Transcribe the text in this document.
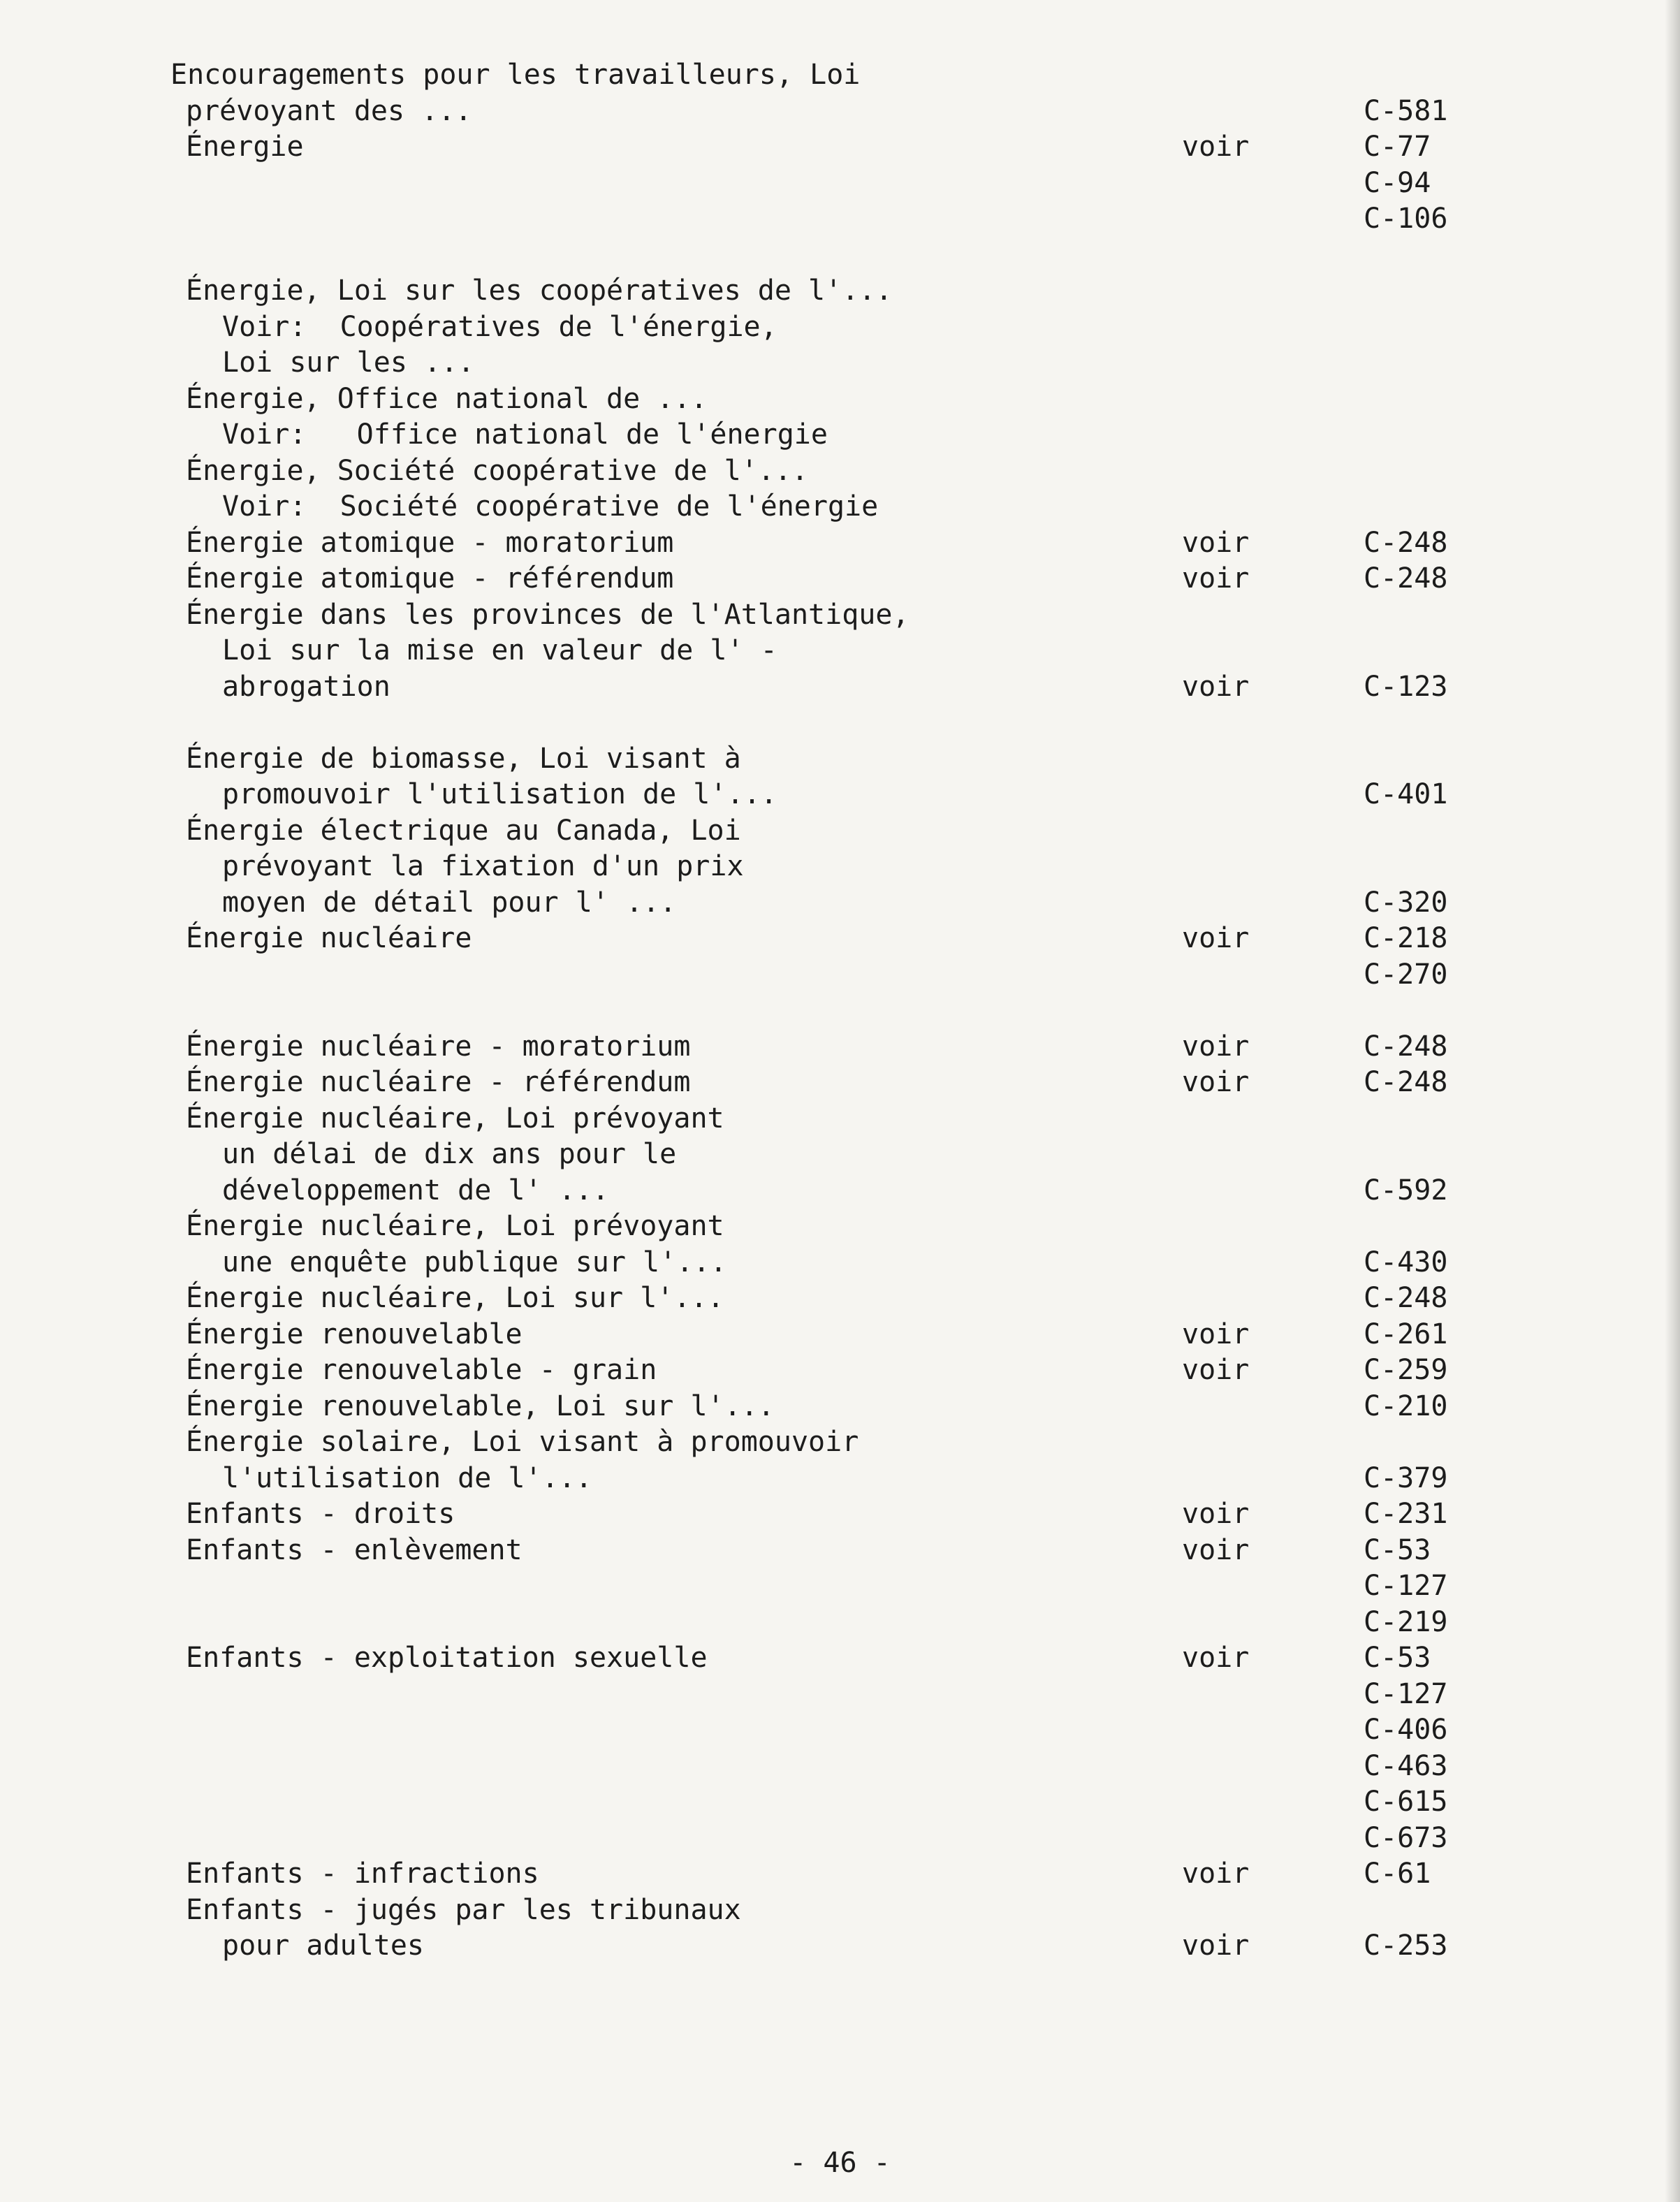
Encouragements pour les travailleurs, Loi
prévoyant des ...	C-581
Énergie	voir	C-77
C-94
C-106
Énergie, Loi sur les coopératives de l'...
Voir:  Coopératives de l'énergie,
Loi sur les ...
Énergie, Office national de ...
Voir:   Office national de l'énergie
Énergie, Société coopérative de l'...
Voir:  Société coopérative de l'énergie
Énergie atomique - moratorium	voir	C-248
Énergie atomique - référendum	voir	C-248
Énergie dans les provinces de l'Atlantique,
Loi sur la mise en valeur de l' -
abrogation	voir	C-123
Énergie de biomasse, Loi visant à
promouvoir l'utilisation de l'...	C-401
Énergie électrique au Canada, Loi
prévoyant la fixation d'un prix
moyen de détail pour l' ...	C-320
Énergie nucléaire	voir	C-218
C-270
Énergie nucléaire - moratorium	voir	C-248
Énergie nucléaire - référendum	voir	C-248
Énergie nucléaire, Loi prévoyant
un délai de dix ans pour le
développement de l' ...	C-592
Énergie nucléaire, Loi prévoyant
une enquête publique sur l'...	C-430
Énergie nucléaire, Loi sur l'...	C-248
Énergie renouvelable	voir	C-261
Énergie renouvelable - grain	voir	C-259
Énergie renouvelable, Loi sur l'...	C-210
Énergie solaire, Loi visant à promouvoir
l'utilisation de l'...	C-379
Enfants - droits	voir	C-231
Enfants - enlèvement	voir	C-53
C-127
C-219
Enfants - exploitation sexuelle	voir	C-53
C-127
C-406
C-463
C-615
C-673
Enfants - infractions	voir	C-61
Enfants - jugés par les tribunaux
pour adultes	voir	C-253
- 46 -
